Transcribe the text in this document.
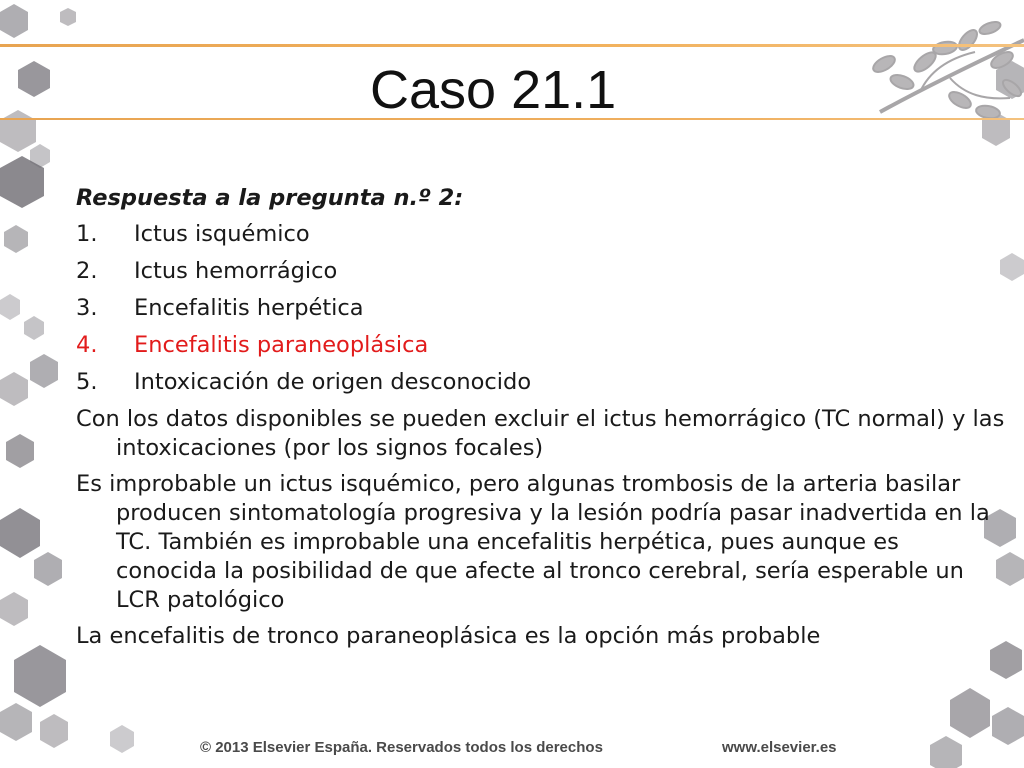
Caso 21.1

Respuesta a la pregunta n.º 2:

1.	Ictus isquémico
2.	Ictus hemorrágico
3.	Encefalitis herpética
4.	Encefalitis paraneoplásica
5.	Intoxicación de origen desconocido

Con los datos disponibles se pueden excluir el ictus hemorrágico (TC normal) y las intoxicaciones (por los signos focales)

Es improbable un ictus isquémico, pero algunas trombosis de la arteria basilar producen sintomatología progresiva y la lesión podría pasar inadvertida en la TC. También es improbable una encefalitis herpética, pues aunque es conocida la posibilidad de que afecte al tronco cerebral, sería esperable un LCR patológico

La encefalitis de tronco paraneoplásica es la opción más probable

© 2013 Elsevier España. Reservados todos los derechos	www.elsevier.es
